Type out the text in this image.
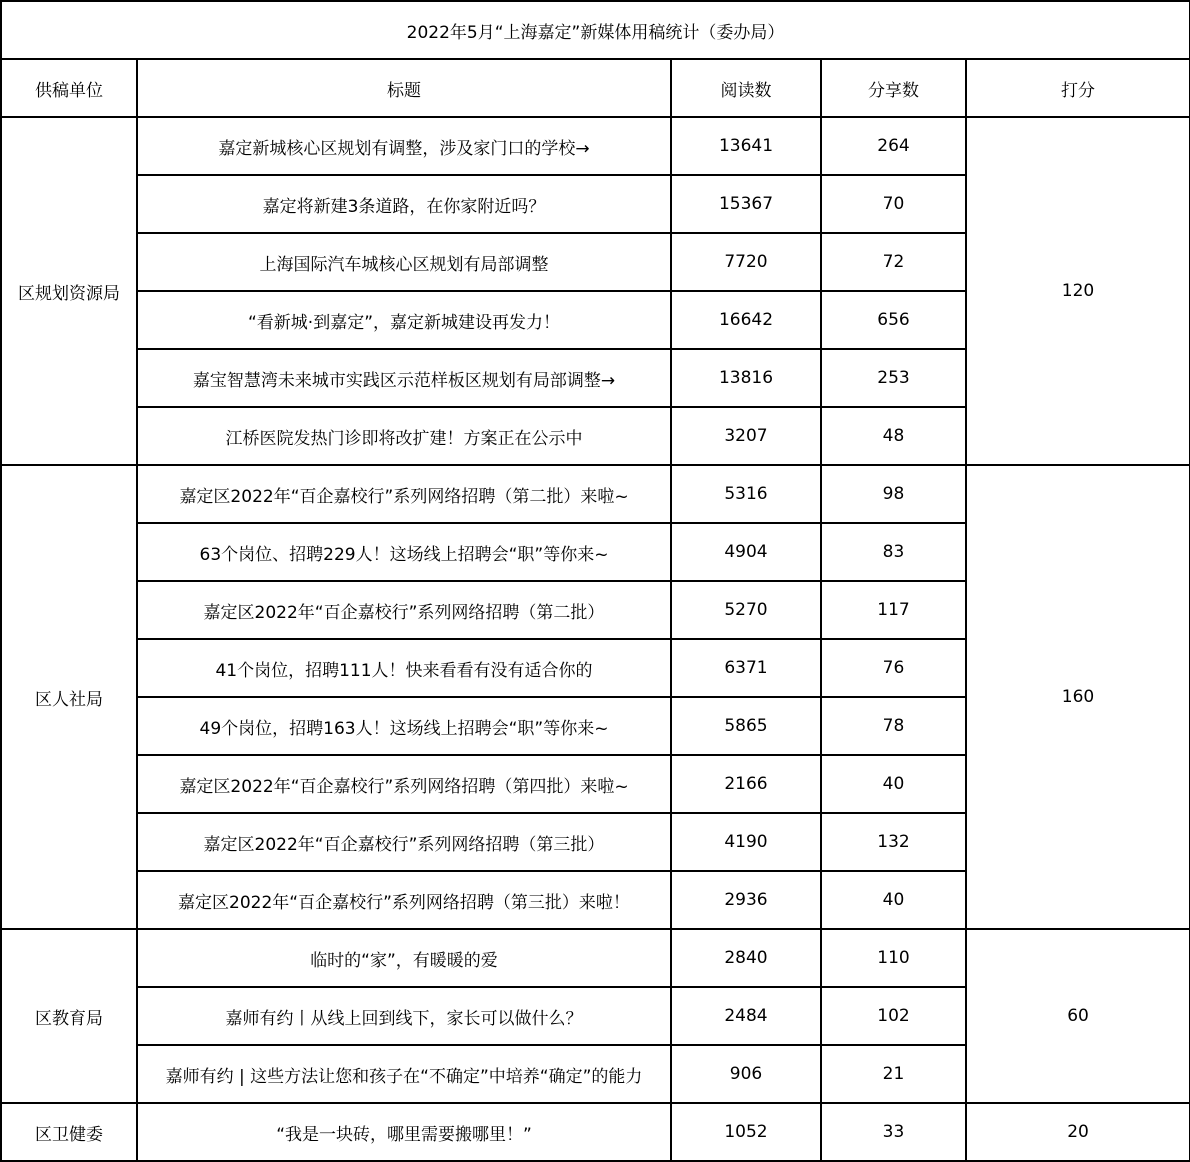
2022年5月“上海嘉定”新媒体用稿统计（委办局）				
供稿单位	标题	阅读数	分享数	打分
区规划资源局	嘉定新城核心区规划有调整，涉及家门口的学校→	13641	264	120
	嘉定将新建3条道路，在你家附近吗？	15367	70	
	上海国际汽车城核心区规划有局部调整	7720	72	
	“看新城·到嘉定”，嘉定新城建设再发力！	16642	656	
	嘉宝智慧湾未来城市实践区示范样板区规划有局部调整→	13816	253	
	江桥医院发热门诊即将改扩建！方案正在公示中	3207	48	
区人社局	嘉定区2022年“百企嘉校行”系列网络招聘（第二批）来啦~	5316	98	160
	63个岗位、招聘229人！这场线上招聘会“职”等你来~	4904	83	
	嘉定区2022年“百企嘉校行”系列网络招聘（第二批）	5270	117	
	41个岗位，招聘111人！快来看看有没有适合你的	6371	76	
	49个岗位，招聘163人！这场线上招聘会“职”等你来~	5865	78	
	嘉定区2022年“百企嘉校行”系列网络招聘（第四批）来啦~	2166	40	
	嘉定区2022年“百企嘉校行”系列网络招聘（第三批）	4190	132	
	嘉定区2022年“百企嘉校行”系列网络招聘（第三批）来啦！	2936	40	
区教育局	临时的“家”，有暖暖的爱	2840	110	60
	嘉师有约丨从线上回到线下，家长可以做什么？	2484	102	
	嘉师有约 | 这些方法让您和孩子在“不确定”中培养“确定”的能力	906	21	
区卫健委	“我是一块砖，哪里需要搬哪里！”	1052	33	20
